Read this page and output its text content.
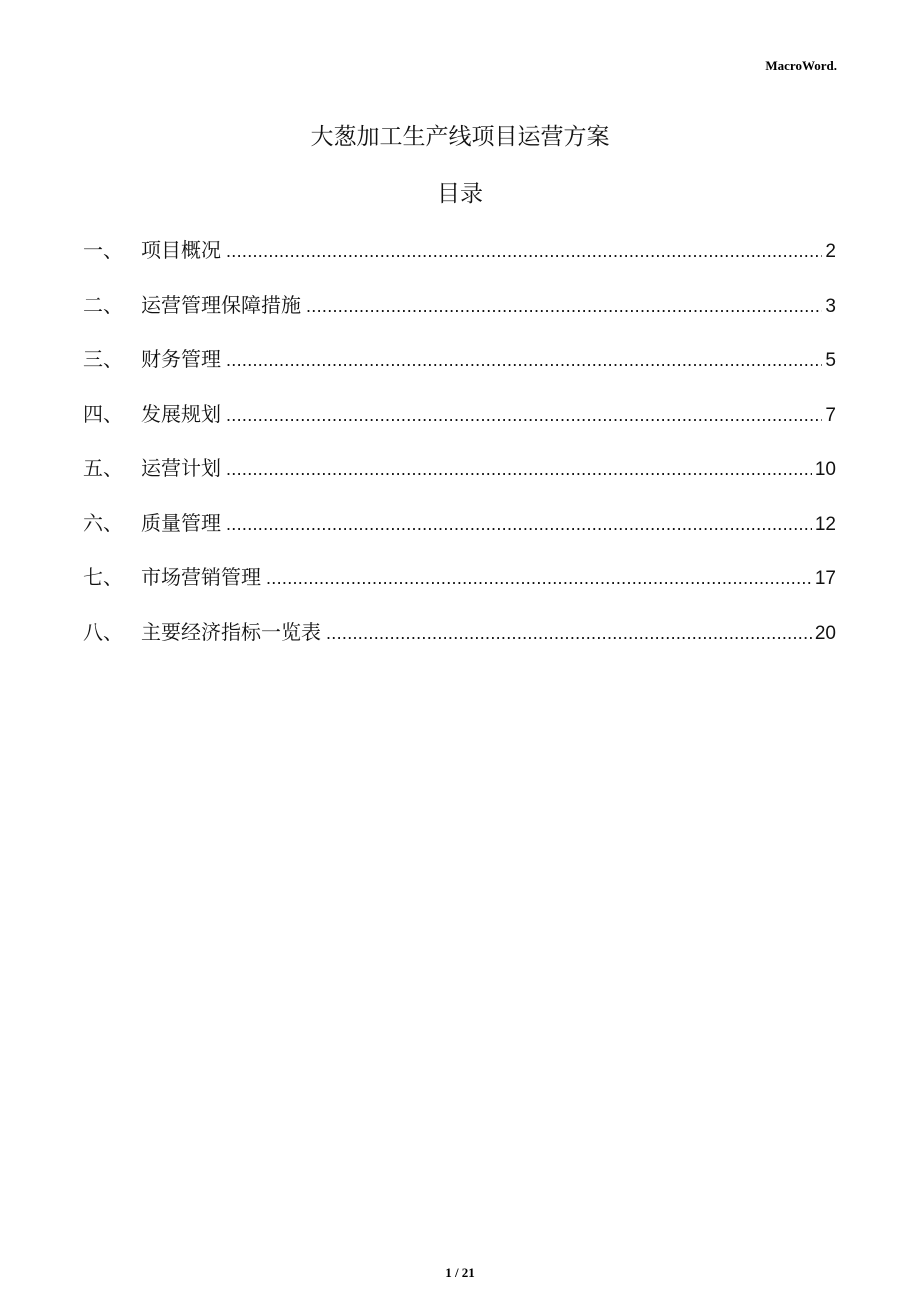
MacroWord.
大葱加工生产线项目运营方案
目录
一、 项目概况 .....	2
二、 运营管理保障措施 .....	3
三、 财务管理 .....	5
四、 发展规划 .....	7
五、 运营计划 .....	10
六、 质量管理 .....	12
七、 市场营销管理 .....	17
八、 主要经济指标一览表 .....	20
1 / 21
